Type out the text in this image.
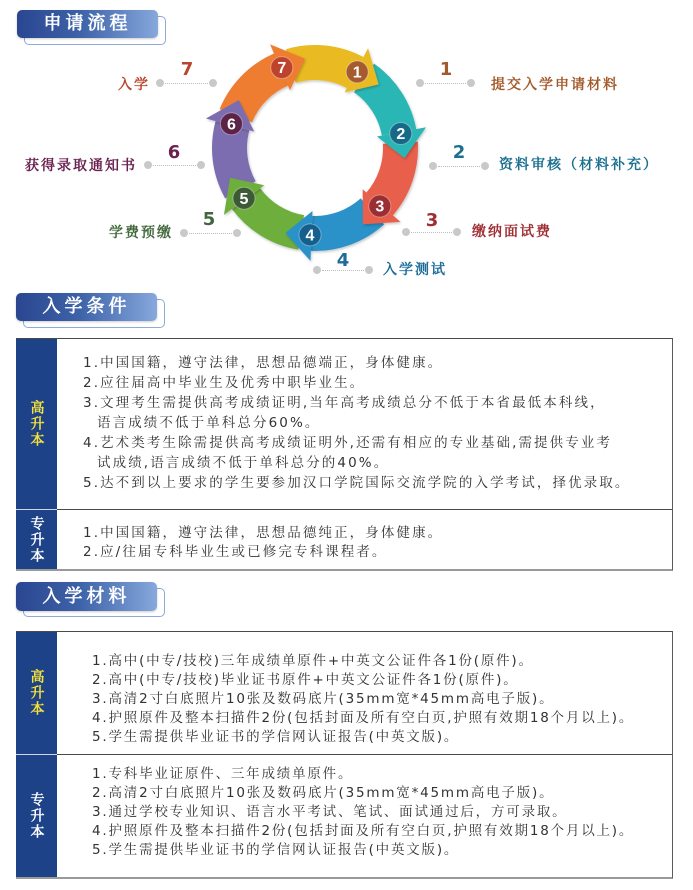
申请流程
1
2
3
4
5
6
7	1
提交入学申请材料
2
资料审核（材料补充）
3
缴纳面试费
4 入学测试
5
学费预缴
6
获得录取通知书
7
入学
入学条件
高升本
1.中国国籍，遵守法律，思想品德端正，身体健康。
2.应往届高中毕业生及优秀中职毕业生。
3.文理考生需提供高考成绩证明,当年高考成绩总分不低于本省最低本科线，
语言成绩不低于单科总分60%。
4.艺术类考生除需提供高考成绩证明外,还需有相应的专业基础,需提供专业考
试成绩,语言成绩不低于单科总分的40%。
5.达不到以上要求的学生要参加汉口学院国际交流学院的入学考试，择优录取。
专升本	1.中国国籍，遵守法律，思想品德纯正，身体健康。
2.应/往届专科毕业生或已修完专科课程者。
入学材料
高升本
1.高中(中专/技校)三年成绩单原件+中英文公证件各1份(原件)。
2.高中(中专/技校)毕业证书原件+中英文公证件各1份(原件)。
3.高清2寸白底照片10张及数码底片(35mm宽*45mm高电子版)。
4.护照原件及整本扫描件2份(包括封面及所有空白页,护照有效期18个月以上)。
5.学生需提供毕业证书的学信网认证报告(中英文版)。
专升本
1.专科毕业证原件、三年成绩单原件。
2.高清2寸白底照片10张及数码底片(35mm宽*45mm高电子版)。
3.通过学校专业知识、语言水平考试、笔试、面试通过后，方可录取。
4.护照原件及整本扫描件2份(包括封面及所有空白页,护照有效期18个月以上)。
5.学生需提供毕业证书的学信网认证报告(中英文版)。
